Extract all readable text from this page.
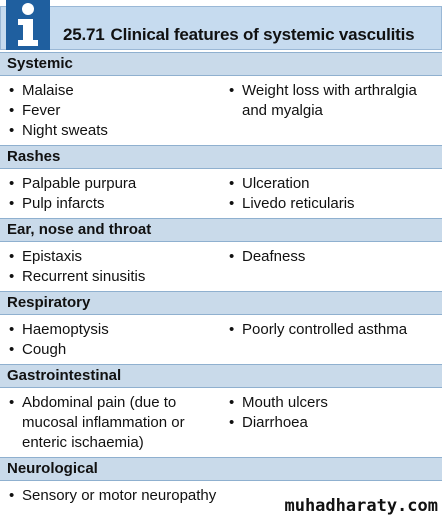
25.71 Clinical features of systemic vasculitis
Systemic
• Malaise
• Fever
• Night sweats
• Weight loss with arthralgia and myalgia
Rashes
• Palpable purpura
• Pulp infarcts
• Ulceration
• Livedo reticularis
Ear, nose and throat
• Epistaxis
• Recurrent sinusitis
• Deafness
Respiratory
• Haemoptysis
• Cough
• Poorly controlled asthma
Gastrointestinal
• Abdominal pain (due to mucosal inflammation or enteric ischaemia)
• Mouth ulcers
• Diarrhoea
Neurological
• Sensory or motor neuropathy
muhadharaty.com
